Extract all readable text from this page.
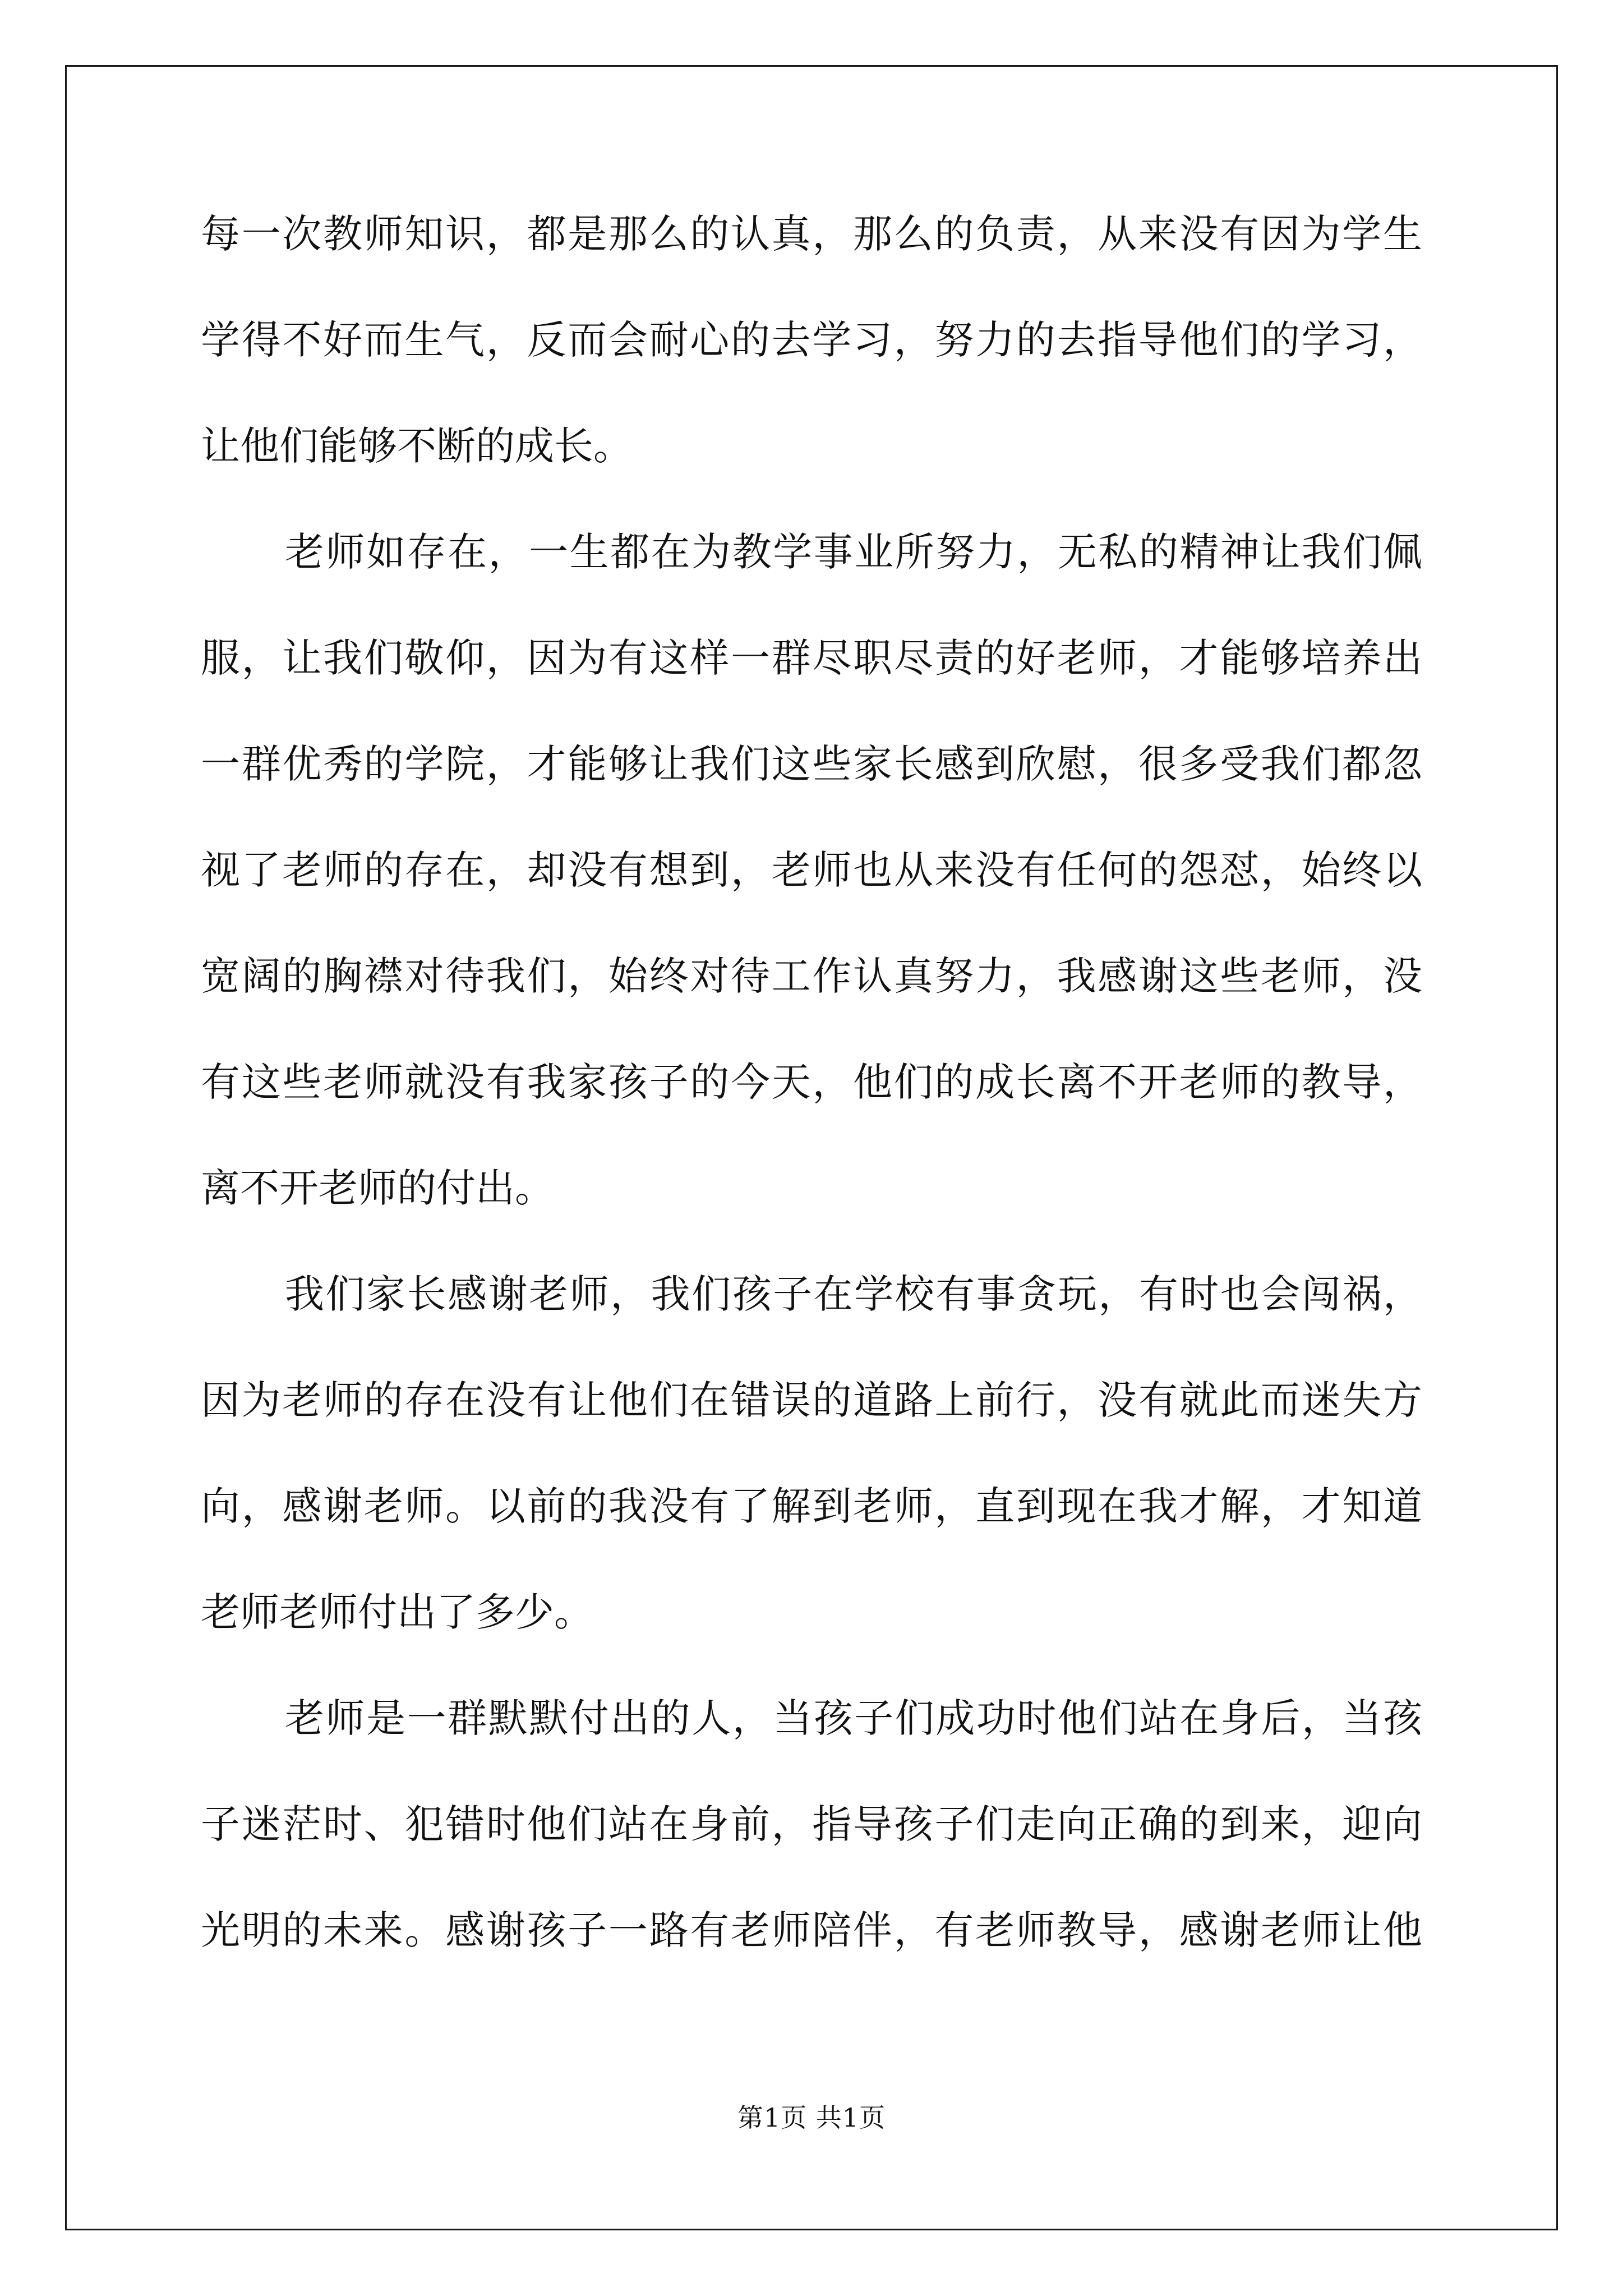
每一次教师知识，都是那么的认真，那么的负责，从来没有因为学生
学得不好而生气，反而会耐心的去学习，努力的去指导他们的学习，
让他们能够不断的成长。
老师如存在，一生都在为教学事业所努力，无私的精神让我们佩
服，让我们敬仰，因为有这样一群尽职尽责的好老师，才能够培养出
一群优秀的学院，才能够让我们这些家长感到欣慰，很多受我们都忽
视了老师的存在，却没有想到，老师也从来没有任何的怨怼，始终以
宽阔的胸襟对待我们，始终对待工作认真努力，我感谢这些老师，没
有这些老师就没有我家孩子的今天，他们的成长离不开老师的教导，
离不开老师的付出。
我们家长感谢老师，我们孩子在学校有事贪玩，有时也会闯祸，
因为老师的存在没有让他们在错误的道路上前行，没有就此而迷失方
向，感谢老师。以前的我没有了解到老师，直到现在我才解，才知道
老师老师付出了多少。
老师是一群默默付出的人，当孩子们成功时他们站在身后，当孩
子迷茫时、犯错时他们站在身前，指导孩子们走向正确的到来，迎向
光明的未来。感谢孩子一路有老师陪伴，有老师教导，感谢老师让他
第1页 共1页
